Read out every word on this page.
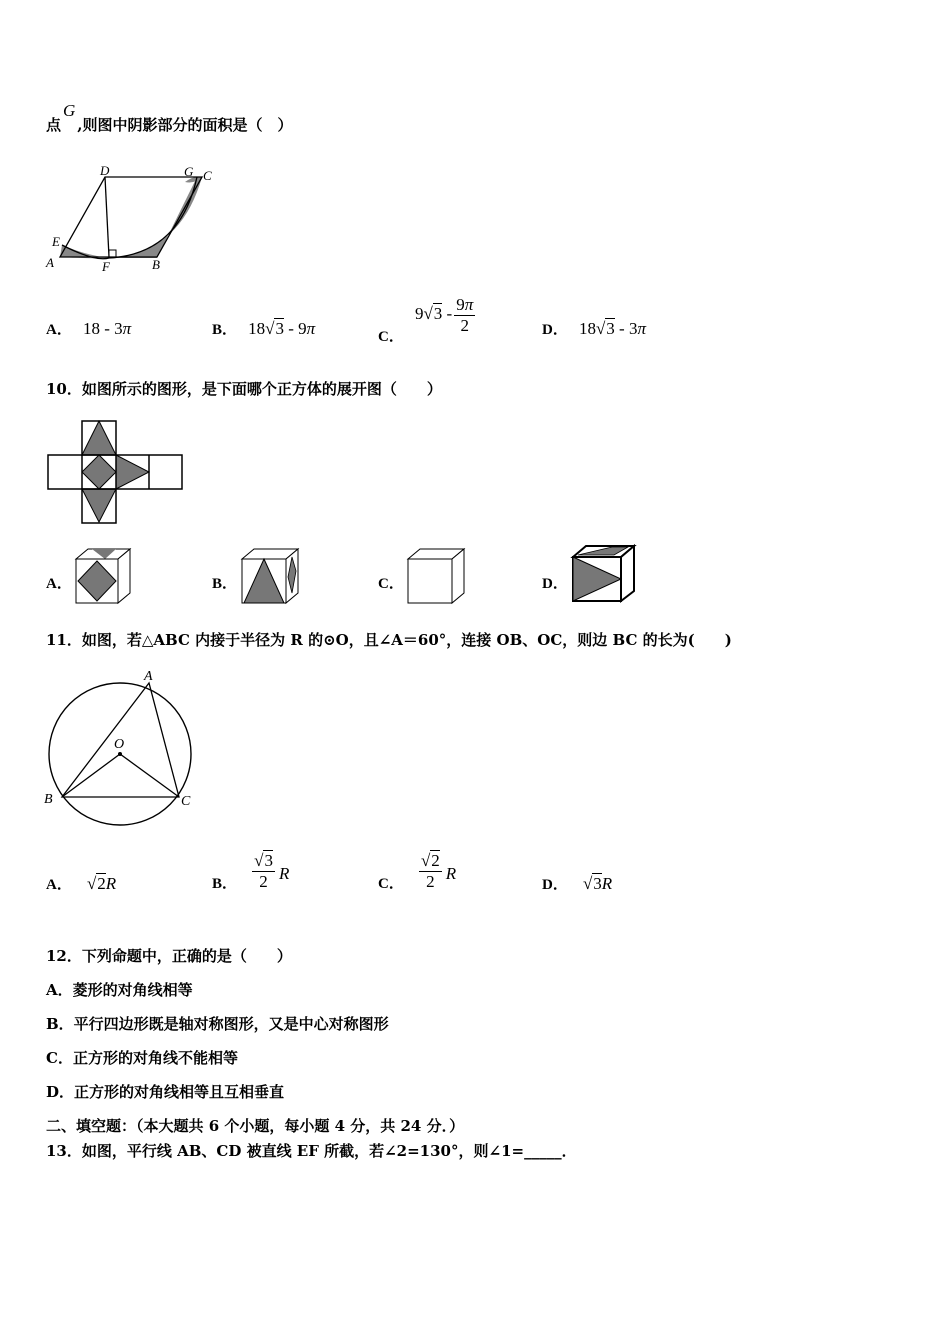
点G,则图中阴影部分的面积是（　）
D	G C
E
A	F	B
A． 18 - 3π	B． 18√3 - 9π	C．
$9√3 - \frac{9\pi}{2}$	D． 18√3 - 3π
10．如图所示的图形，是下面哪个正方体的展开图（　　）
A．	B．	C．	D．
11．如图，若△ABC 内接于半径为 R 的⊙O，且∠A＝60°，连接 OB、OC，则边 BC 的长为(　　)
A
O
B	C
A． √2R	B． $\frac{√3}{2}$ R
C． $\frac{√2}{2}$ R
D． √3R
12．下列命题中，正确的是（　　）
A．菱形的对角线相等
B．平行四边形既是轴对称图形，又是中心对称图形
C．正方形的对角线不能相等
D．正方形的对角线相等且互相垂直
二、填空题：（本大题共 6 个小题，每小题 4 分，共 24 分．）
13．如图，平行线 AB、CD 被直线 EF 所截，若∠2=130°，则∠1=_____．
